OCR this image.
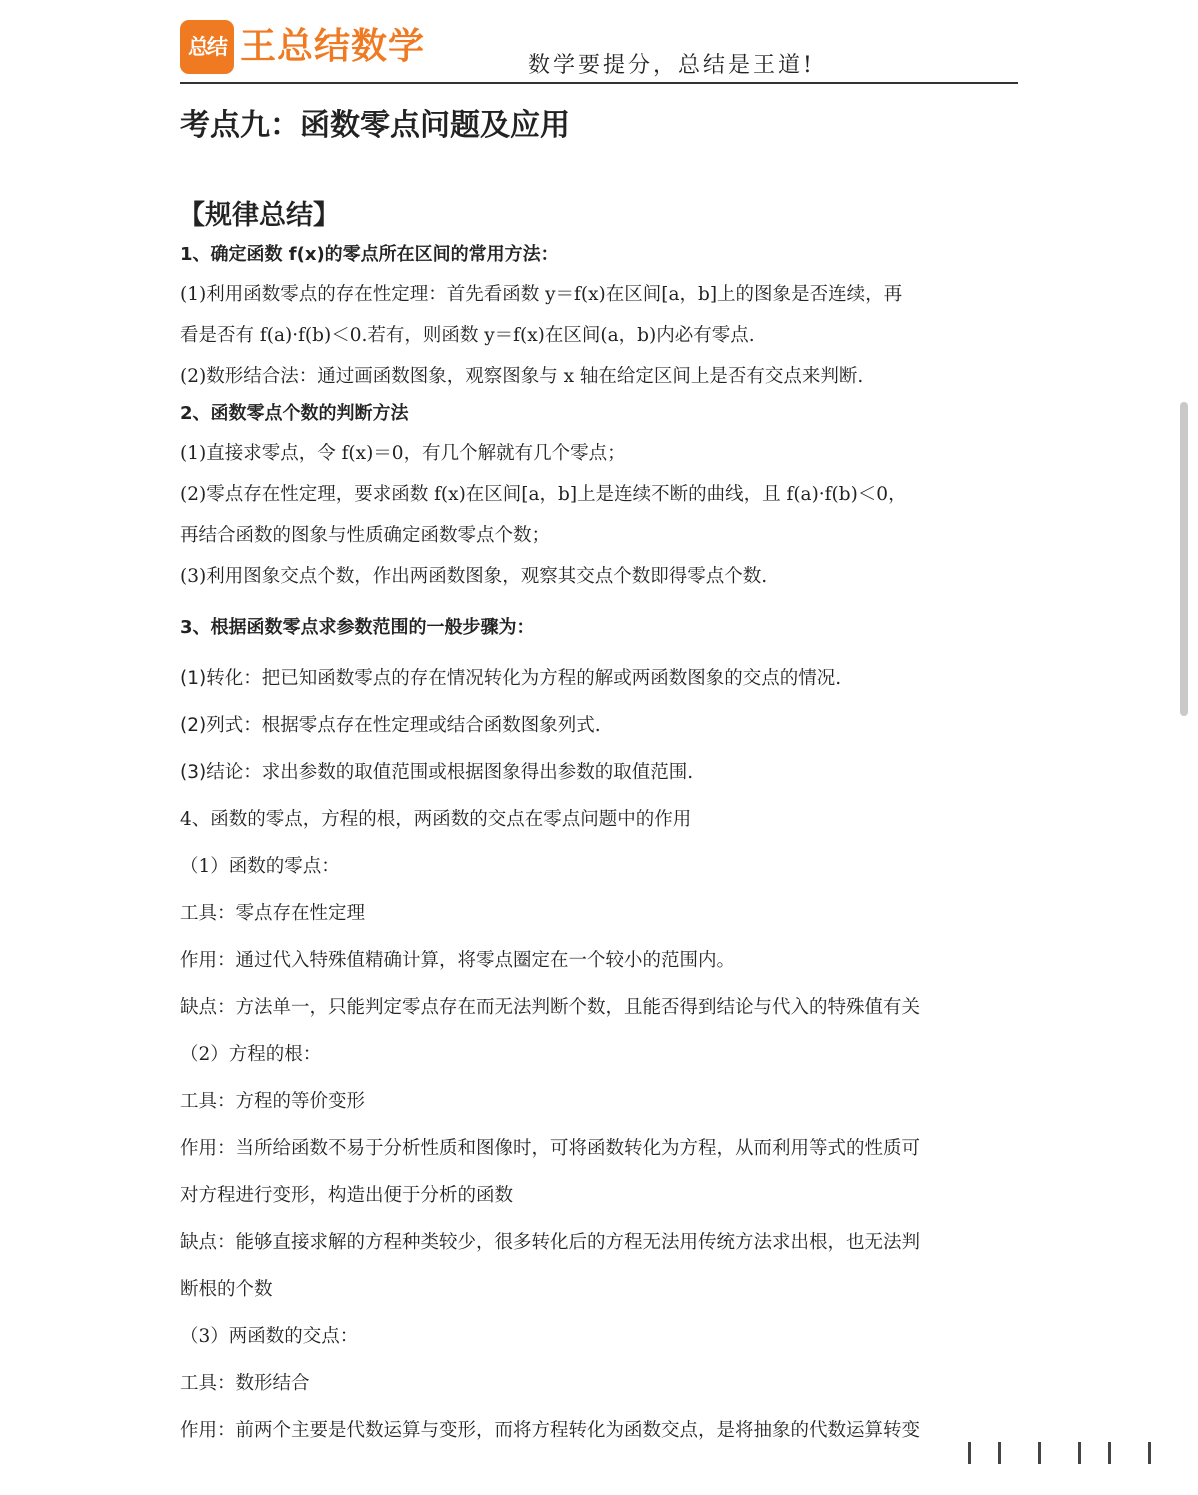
总结 王总结数学	数学要提分，总结是王道!
考点九：函数零点问题及应用
【规律总结】

1、确定函数 f(x)的零点所在区间的常用方法：

(1)利用函数零点的存在性定理：首先看函数 y＝f(x)在区间[a，b]上的图象是否连续，再

看是否有 f(a)·f(b)＜0.若有，则函数 y＝f(x)在区间(a，b)内必有零点.

(2)数形结合法：通过画函数图象，观察图象与 x 轴在给定区间上是否有交点来判断.

2、函数零点个数的判断方法

(1)直接求零点，令 f(x)＝0，有几个解就有几个零点；

(2)零点存在性定理，要求函数 f(x)在区间[a，b]上是连续不断的曲线，且 f(a)·f(b)＜0，

再结合函数的图象与性质确定函数零点个数；

(3)利用图象交点个数，作出两函数图象，观察其交点个数即得零点个数.

3、根据函数零点求参数范围的一般步骤为：

(1)转化：把已知函数零点的存在情况转化为方程的解或两函数图象的交点的情况.

(2)列式：根据零点存在性定理或结合函数图象列式.

(3)结论：求出参数的取值范围或根据图象得出参数的取值范围.

4、函数的零点，方程的根，两函数的交点在零点问题中的作用

（1）函数的零点：

工具：零点存在性定理

作用：通过代入特殊值精确计算，将零点圈定在一个较小的范围内。

缺点：方法单一，只能判定零点存在而无法判断个数，且能否得到结论与代入的特殊值有关

（2）方程的根：

工具：方程的等价变形

作用：当所给函数不易于分析性质和图像时，可将函数转化为方程，从而利用等式的性质可

对方程进行变形，构造出便于分析的函数

缺点：能够直接求解的方程种类较少，很多转化后的方程无法用传统方法求出根，也无法判

断根的个数

（3）两函数的交点：

工具：数形结合

作用：前两个主要是代数运算与变形，而将方程转化为函数交点，是将抽象的代数运算转变
